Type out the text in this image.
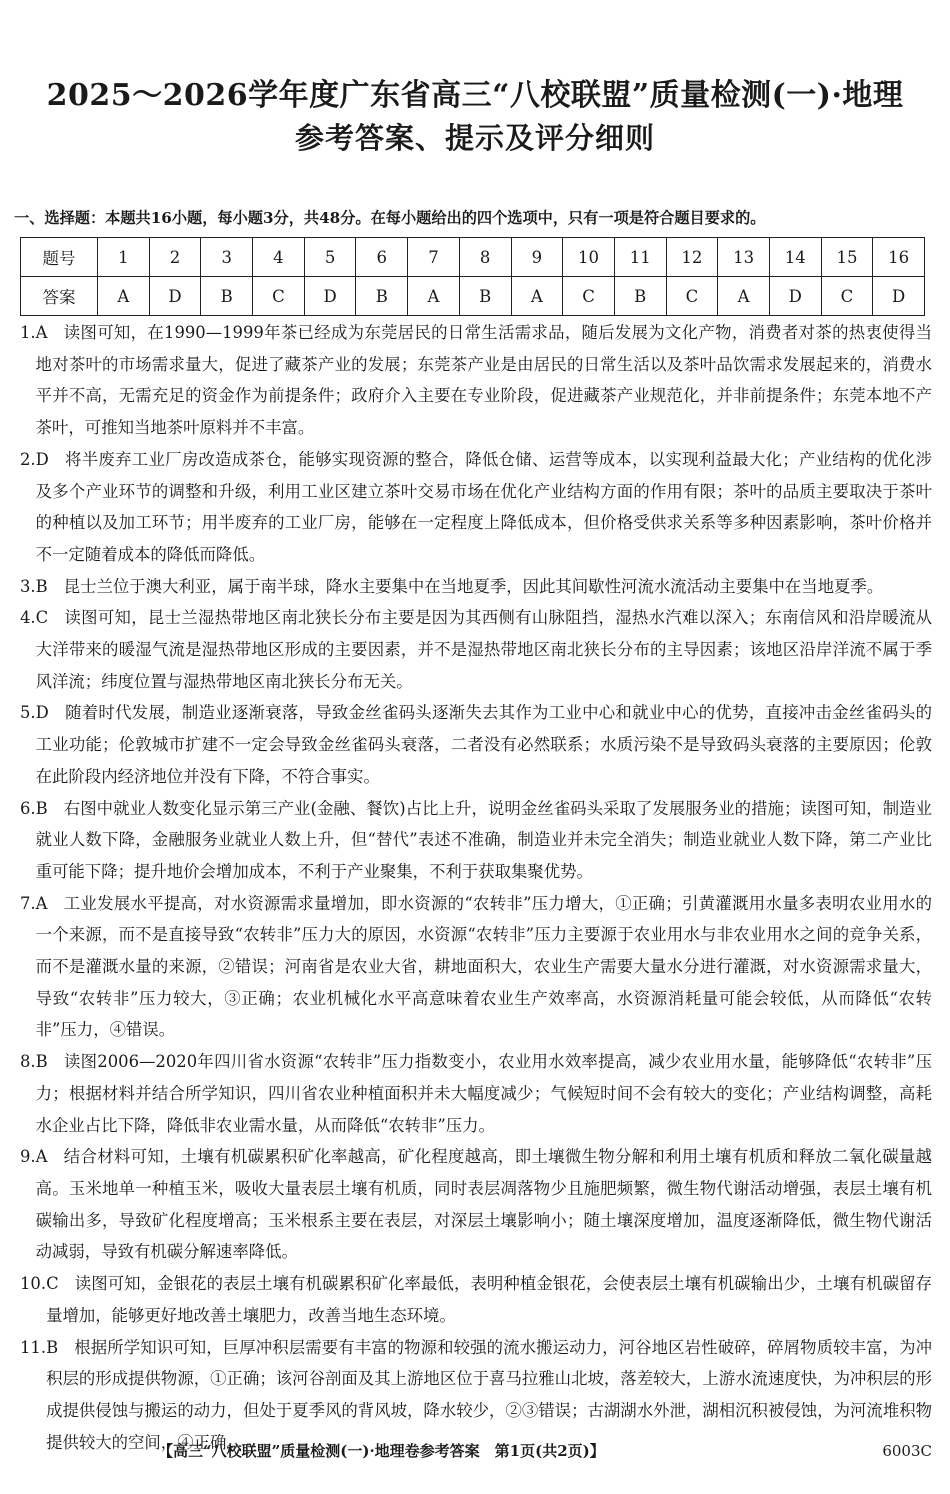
2025～2026学年度广东省高三“八校联盟”质量检测(一)·地理
参考答案、提示及评分细则
一、选择题：本题共16小题，每小题3分，共48分。在每小题给出的四个选项中，只有一项是符合题目要求的。
题号	1	2	3	4	5	6	7	8	9	10	11	12	13	14	15	16
答案	A	D	B	C	D	B	A	B	A	C	B	C	A	D	C	D
1. A 读图可知，在1990—1999年茶已经成为东莞居民的日常生活需求品，随后发展为文化产物，消费者对茶的热衷使得当地对茶叶的市场需求量大，促进了藏茶产业的发展；东莞茶产业是由居民的日常生活以及茶叶品饮需求发展起来的，消费水平并不高，无需充足的资金作为前提条件；政府介入主要在专业阶段，促进藏茶产业规范化，并非前提条件；东莞本地不产茶叶，可推知当地茶叶原料并不丰富。
2. D 将半废弃工业厂房改造成茶仓，能够实现资源的整合，降低仓储、运营等成本，以实现利益最大化；产业结构的优化涉及多个产业环节的调整和升级，利用工业区建立茶叶交易市场在优化产业结构方面的作用有限；茶叶的品质主要取决于茶叶的种植以及加工环节；用半废弃的工业厂房，能够在一定程度上降低成本，但价格受供求关系等多种因素影响，茶叶价格并不一定随着成本的降低而降低。
3. B 昆士兰位于澳大利亚，属于南半球，降水主要集中在当地夏季，因此其间歇性河流水流活动主要集中在当地夏季。
4. C 读图可知，昆士兰湿热带地区南北狭长分布主要是因为其西侧有山脉阻挡，湿热水汽难以深入；东南信风和沿岸暖流从大洋带来的暖湿气流是湿热带地区形成的主要因素，并不是湿热带地区南北狭长分布的主导因素；该地区沿岸洋流不属于季风洋流；纬度位置与湿热带地区南北狭长分布无关。
5. D 随着时代发展，制造业逐渐衰落，导致金丝雀码头逐渐失去其作为工业中心和就业中心的优势，直接冲击金丝雀码头的工业功能；伦敦城市扩建不一定会导致金丝雀码头衰落，二者没有必然联系；水质污染不是导致码头衰落的主要原因；伦敦在此阶段内经济地位并没有下降，不符合事实。
6. B 右图中就业人数变化显示第三产业(金融、餐饮)占比上升，说明金丝雀码头采取了发展服务业的措施；读图可知，制造业就业人数下降，金融服务业就业人数上升，但“替代”表述不准确，制造业并未完全消失；制造业就业人数下降，第二产业比重可能下降；提升地价会增加成本，不利于产业聚集，不利于获取集聚优势。
7. A 工业发展水平提高，对水资源需求量增加，即水资源的“农转非”压力增大，①正确；引黄灌溉用水量多表明农业用水的一个来源，而不是直接导致“农转非”压力大的原因，水资源“农转非”压力主要源于农业用水与非农业用水之间的竞争关系，而不是灌溉水量的来源，②错误；河南省是农业大省，耕地面积大，农业生产需要大量水分进行灌溉，对水资源需求量大，导致“农转非”压力较大，③正确；农业机械化水平高意味着农业生产效率高，水资源消耗量可能会较低，从而降低“农转非”压力，④错误。
8. B 读图2006—2020年四川省水资源“农转非”压力指数变小，农业用水效率提高，减少农业用水量，能够降低“农转非”压力；根据材料并结合所学知识，四川省农业种植面积并未大幅度减少；气候短时间不会有较大的变化；产业结构调整，高耗水企业占比下降，降低非农业需水量，从而降低“农转非”压力。
9. A 结合材料可知，土壤有机碳累积矿化率越高，矿化程度越高，即土壤微生物分解和利用土壤有机质和释放二氧化碳量越高。玉米地单一种植玉米，吸收大量表层土壤有机质，同时表层凋落物少且施肥频繁，微生物代谢活动增强，表层土壤有机碳输出多，导致矿化程度增高；玉米根系主要在表层，对深层土壤影响小；随土壤深度增加，温度逐渐降低，微生物代谢活动减弱，导致有机碳分解速率降低。
10. C 读图可知，金银花的表层土壤有机碳累积矿化率最低，表明种植金银花，会使表层土壤有机碳输出少，土壤有机碳留存量增加，能够更好地改善土壤肥力，改善当地生态环境。
11. B 根据所学知识可知，巨厚冲积层需要有丰富的物源和较强的流水搬运动力，河谷地区岩性破碎，碎屑物质较丰富，为冲积层的形成提供物源，①正确；该河谷剖面及其上游地区位于喜马拉雅山北坡，落差较大，上游水流速度快，为冲积层的形成提供侵蚀与搬运的动力，但处于夏季风的背风坡，降水较少，②③错误；古湖湖水外泄，湖相沉积被侵蚀，为河流堆积物提供较大的空间，④正确。
【高三“八校联盟”质量检测(一)·地理卷参考答案　第1页(共2页)】	6003C
